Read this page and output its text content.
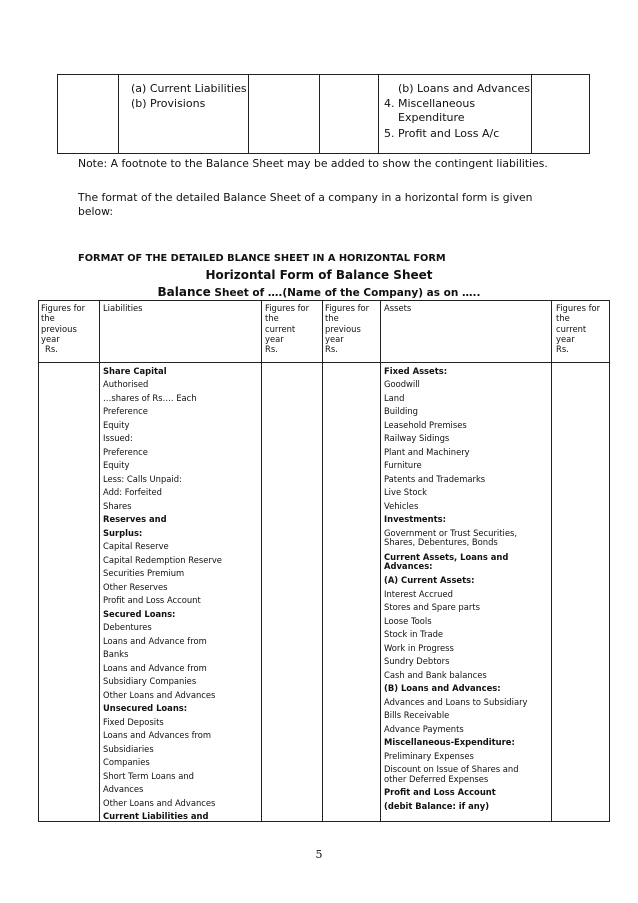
(a) Current Liabilities
(b) Provisions
(b) Loans and Advances
4. Miscellaneous
Expenditure
5. Profit and Loss A/c
Note: A footnote to the Balance Sheet may be added to show the contingent liabilities.
The format of the detailed Balance Sheet of a company in a horizontal form is given
below:
FORMAT OF THE DETAILED BLANCE SHEET IN A HORIZONTAL FORM
Horizontal Form of Balance Sheet
Balance Sheet of ….(Name of the Company) as on …..
Figures for
the
previous
year
Rs.
Liabilities	Figures for
the
current
year
Rs.
Figures for
the
previous
year
Rs.
Assets	Figures for
the
current
year
Rs.
Share Capital
Authorised
…shares of Rs…. Each
Preference
Equity
Issued:
Preference
Equity
Less: Calls Unpaid:
Add: Forfeited
Shares
Reserves and
Surplus:
Capital Reserve
Capital Redemption Reserve
Securities Premium
Other Reserves
Profit and Loss Account
Secured Loans:
Debentures
Loans and Advance from
Banks
Loans and Advance from
Subsidiary Companies
Other Loans and Advances
Unsecured Loans:
Fixed Deposits
Loans and Advances from
Subsidiaries
Companies
Short Term Loans and
Advances
Other Loans and Advances
Current Liabilities and
Fixed Assets:
Goodwill
Land
Building
Leasehold Premises
Railway Sidings
Plant and Machinery
Furniture
Patents and Trademarks
Live Stock
Vehicles
Investments:
Government or Trust Securities,
Shares, Debentures, Bonds
Current Assets, Loans and
Advances:
(A) Current Assets:
Interest Accrued
Stores and Spare parts
Loose Tools
Stock in Trade
Work in Progress
Sundry Debtors
Cash and Bank balances
(B) Loans and Advances:
Advances and Loans to Subsidiary
Bills Receivable
Advance Payments
Miscellaneous-Expenditure:
Preliminary Expenses
Discount on Issue of Shares and
other Deferred Expenses
Profit and Loss Account
(debit Balance: if any)
5
